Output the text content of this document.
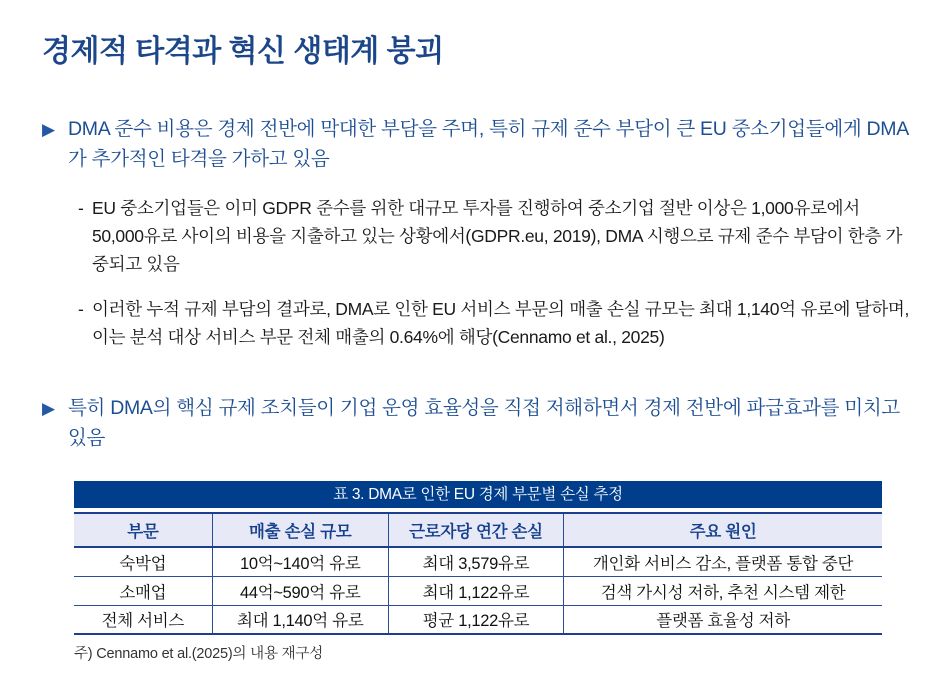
경제적 타격과 혁신 생태계 붕괴
▶ DMA 준수 비용은 경제 전반에 막대한 부담을 주며, 특히 규제 준수 부담이 큰 EU 중소기업들에게 DMA가 추가적인 타격을 가하고 있음
- EU 중소기업들은 이미 GDPR 준수를 위한 대규모 투자를 진행하여 중소기업 절반 이상은 1,000유로에서 50,000유로 사이의 비용을 지출하고 있는 상황에서(GDPR.eu, 2019), DMA 시행으로 규제 준수 부담이 한층 가중되고 있음
- 이러한 누적 규제 부담의 결과로, DMA로 인한 EU 서비스 부문의 매출 손실 규모는 최대 1,140억 유로에 달하며, 이는 분석 대상 서비스 부문 전체 매출의 0.64%에 해당(Cennamo et al., 2025)
▶ 특히 DMA의 핵심 규제 조치들이 기업 운영 효율성을 직접 저해하면서 경제 전반에 파급효과를 미치고 있음
표 3. DMA로 인한 EU 경제 부문별 손실 추정
부문	매출 손실 규모	근로자당 연간 손실	주요 원인
숙박업	10억~140억 유로	최대 3,579유로	개인화 서비스 감소, 플랫폼 통합 중단
소매업	44억~590억 유로	최대 1,122유로	검색 가시성 저하, 추천 시스템 제한
전체 서비스	최대 1,140억 유로	평균 1,122유로	플랫폼 효율성 저하
주) Cennamo et al.(2025)의 내용 재구성
